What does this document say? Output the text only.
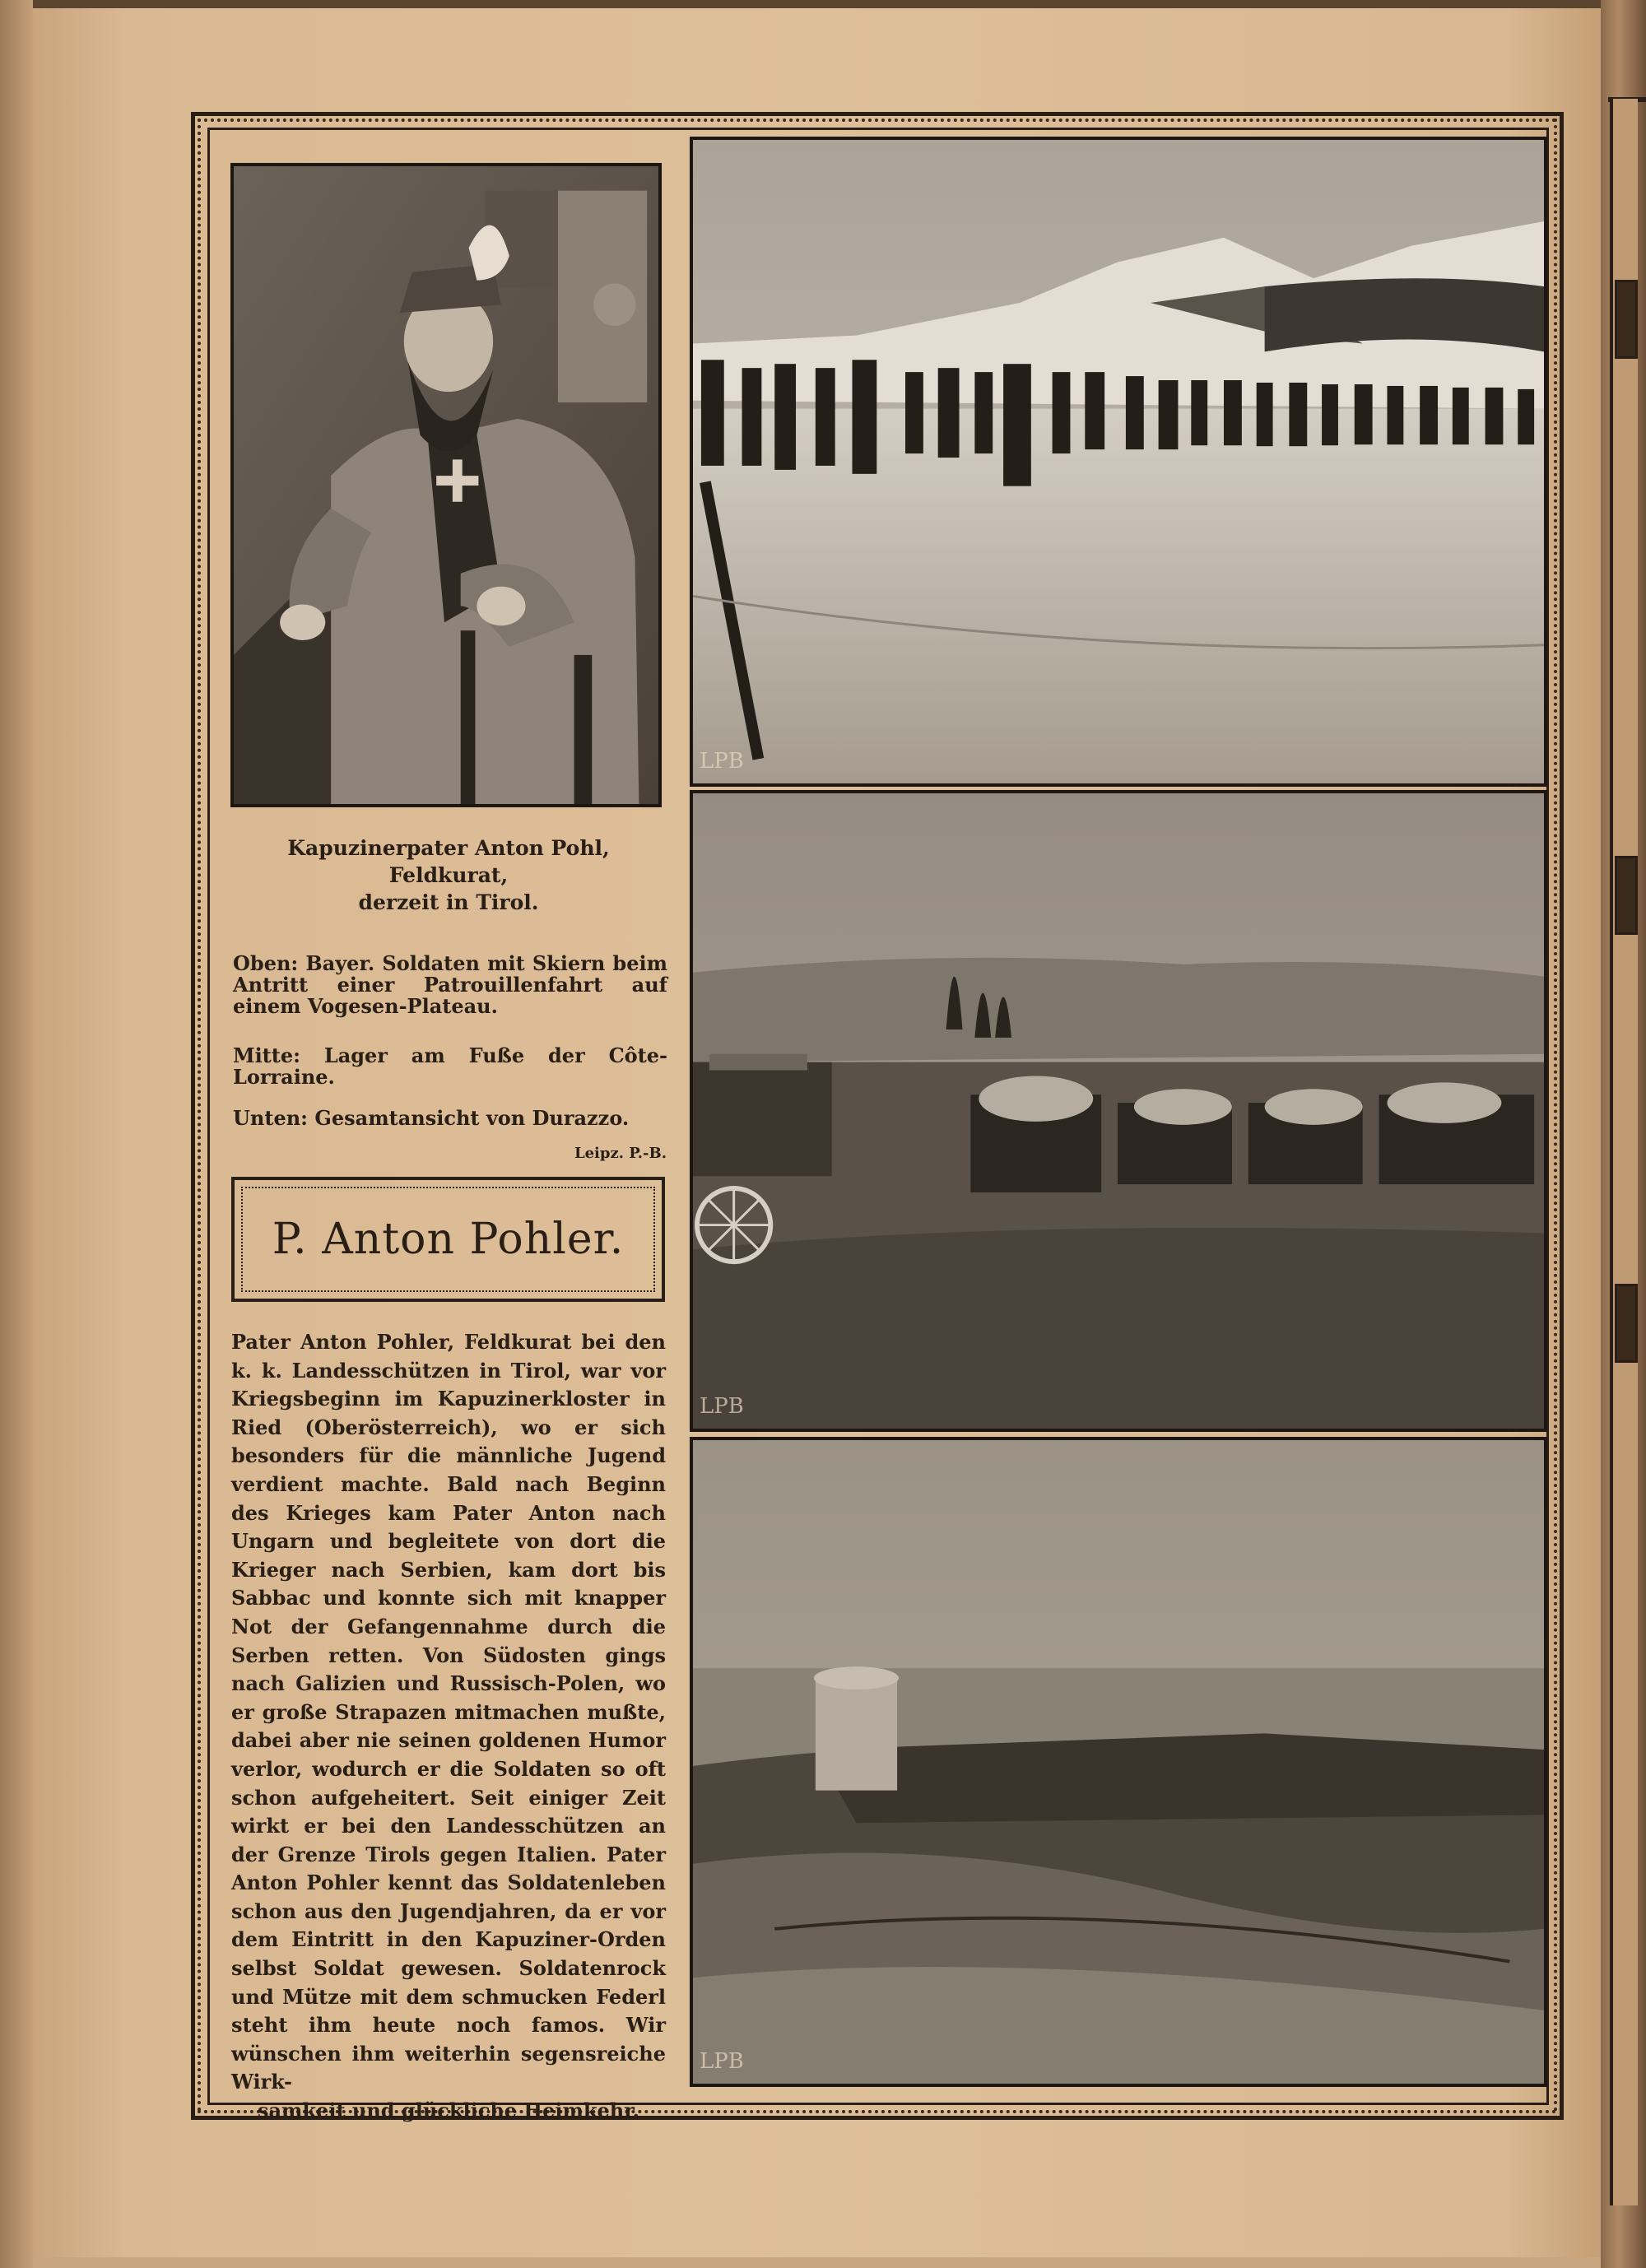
LPB
LPB
LPB
Kapuzinerpater Anton Pohl,
Feldkurat,
derzeit in Tirol.
Oben: Bayer. Soldaten mit Skiern beim Antritt einer Patrouillenfahrt auf einem Vogesen-Plateau.
Mitte: Lager am Fuße der Côte-Lorraine.
Unten: Gesamtansicht von Durazzo.
Leipz. P.-B.
P. Anton Pohler.

Pater Anton Pohler, Feldkurat bei den k. k. Landesschützen in Tirol, war vor Kriegsbeginn im Kapuzinerkloster in Ried (Oberösterreich), wo er sich besonders für die männliche Jugend verdient machte. Bald nach Beginn des Krieges kam Pater Anton nach Ungarn und begleitete von dort die Krieger nach Serbien, kam dort bis Sabbac und konnte sich mit knapper Not der Gefangennahme durch die Serben retten. Von Südosten gings nach Galizien und Russisch-Polen, wo er große Strapazen mitmachen mußte, dabei aber nie seinen goldenen Humor verlor, wodurch er die Soldaten so oft schon aufgeheitert. Seit einiger Zeit wirkt er bei den Landesschützen an der Grenze Tirols gegen Italien. Pater Anton Pohler kennt das Soldatenleben schon aus den Jugendjahren, da er vor dem Eintritt in den Kapuziner-Orden selbst Soldat gewesen. Soldatenrock und Mütze mit dem schmucken Federl steht ihm heute noch famos. Wir wünschen ihm weiterhin segensreiche Wirk-

samkeit und glückliche Heimkehr.
